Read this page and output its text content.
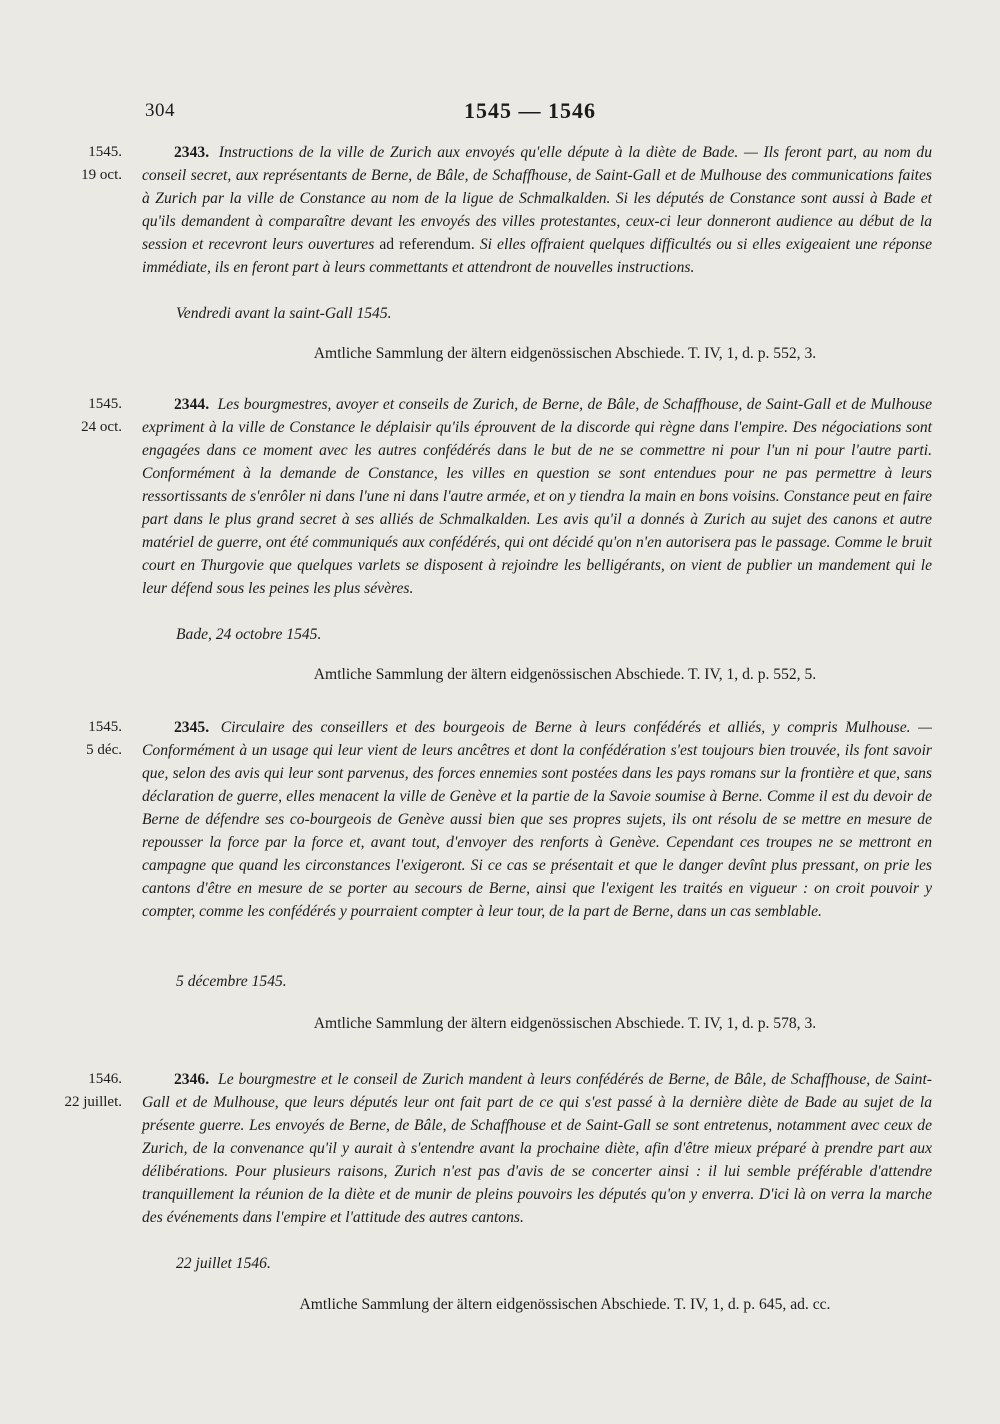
304	1545 — 1546
1545.
19 oct.
2343. Instructions de la ville de Zurich aux envoyés qu'elle députe à la diète de Bade. — Ils feront part, au nom du conseil secret, aux représentants de Berne, de Bâle, de Schaffhouse, de Saint-Gall et de Mulhouse des communications faites à Zurich par la ville de Constance au nom de la ligue de Schmalkalden. Si les députés de Constance sont aussi à Bade et qu'ils demandent à comparaître devant les envoyés des villes protestantes, ceux-ci leur donneront audience au début de la session et recevront leurs ouvertures ad referendum. Si elles offraient quelques difficultés ou si elles exigeaient une réponse immédiate, ils en feront part à leurs commettants et attendront de nouvelles instructions.
Vendredi avant la saint-Gall 1545.
Amtliche Sammlung der ältern eidgenössischen Abschiede. T. IV, 1, d. p. 552, 3.
1545.
24 oct.
2344. Les bourgmestres, avoyer et conseils de Zurich, de Berne, de Bâle, de Schaffhouse, de Saint-Gall et de Mulhouse expriment à la ville de Constance le déplaisir qu'ils éprouvent de la discorde qui règne dans l'empire. Des négociations sont engagées dans ce moment avec les autres confédérés dans le but de ne se commettre ni pour l'un ni pour l'autre parti. Conformément à la demande de Constance, les villes en question se sont entendues pour ne pas permettre à leurs ressortissants de s'enrôler ni dans l'une ni dans l'autre armée, et on y tiendra la main en bons voisins. Constance peut en faire part dans le plus grand secret à ses alliés de Schmalkalden. Les avis qu'il a donnés à Zurich au sujet des canons et autre matériel de guerre, ont été communiqués aux confédérés, qui ont décidé qu'on n'en autorisera pas le passage. Comme le bruit court en Thurgovie que quelques varlets se disposent à rejoindre les belligérants, on vient de publier un mandement qui le leur défend sous les peines les plus sévères.
Bade, 24 octobre 1545.
Amtliche Sammlung der ältern eidgenössischen Abschiede. T. IV, 1, d. p. 552, 5.
1545.
5 déc.
2345. Circulaire des conseillers et des bourgeois de Berne à leurs confédérés et alliés, y compris Mulhouse. — Conformément à un usage qui leur vient de leurs ancêtres et dont la confédération s'est toujours bien trouvée, ils font savoir que, selon des avis qui leur sont parvenus, des forces ennemies sont postées dans les pays romans sur la frontière et que, sans déclaration de guerre, elles menacent la ville de Genève et la partie de la Savoie soumise à Berne. Comme il est du devoir de Berne de défendre ses co-bourgeois de Genève aussi bien que ses propres sujets, ils ont résolu de se mettre en mesure de repousser la force par la force et, avant tout, d'envoyer des renforts à Genève. Cependant ces troupes ne se mettront en campagne que quand les circonstances l'exigeront. Si ce cas se présentait et que le danger devînt plus pressant, on prie les cantons d'être en mesure de se porter au secours de Berne, ainsi que l'exigent les traités en vigueur : on croit pouvoir y compter, comme les confédérés y pourraient compter à leur tour, de la part de Berne, dans un cas semblable.
5 décembre 1545.
Amtliche Sammlung der ältern eidgenössischen Abschiede. T. IV, 1, d. p. 578, 3.
1546.
22 juillet.
2346. Le bourgmestre et le conseil de Zurich mandent à leurs confédérés de Berne, de Bâle, de Schaffhouse, de Saint-Gall et de Mulhouse, que leurs députés leur ont fait part de ce qui s'est passé à la dernière diète de Bade au sujet de la présente guerre. Les envoyés de Berne, de Bâle, de Schaffhouse et de Saint-Gall se sont entretenus, notamment avec ceux de Zurich, de la convenance qu'il y aurait à s'entendre avant la prochaine diète, afin d'être mieux préparé à prendre part aux délibérations. Pour plusieurs raisons, Zurich n'est pas d'avis de se concerter ainsi : il lui semble préférable d'attendre tranquillement la réunion de la diète et de munir de pleins pouvoirs les députés qu'on y enverra. D'ici là on verra la marche des événements dans l'empire et l'attitude des autres cantons.
22 juillet 1546.
Amtliche Sammlung der ältern eidgenössischen Abschiede. T. IV, 1, d. p. 645, ad. cc.
